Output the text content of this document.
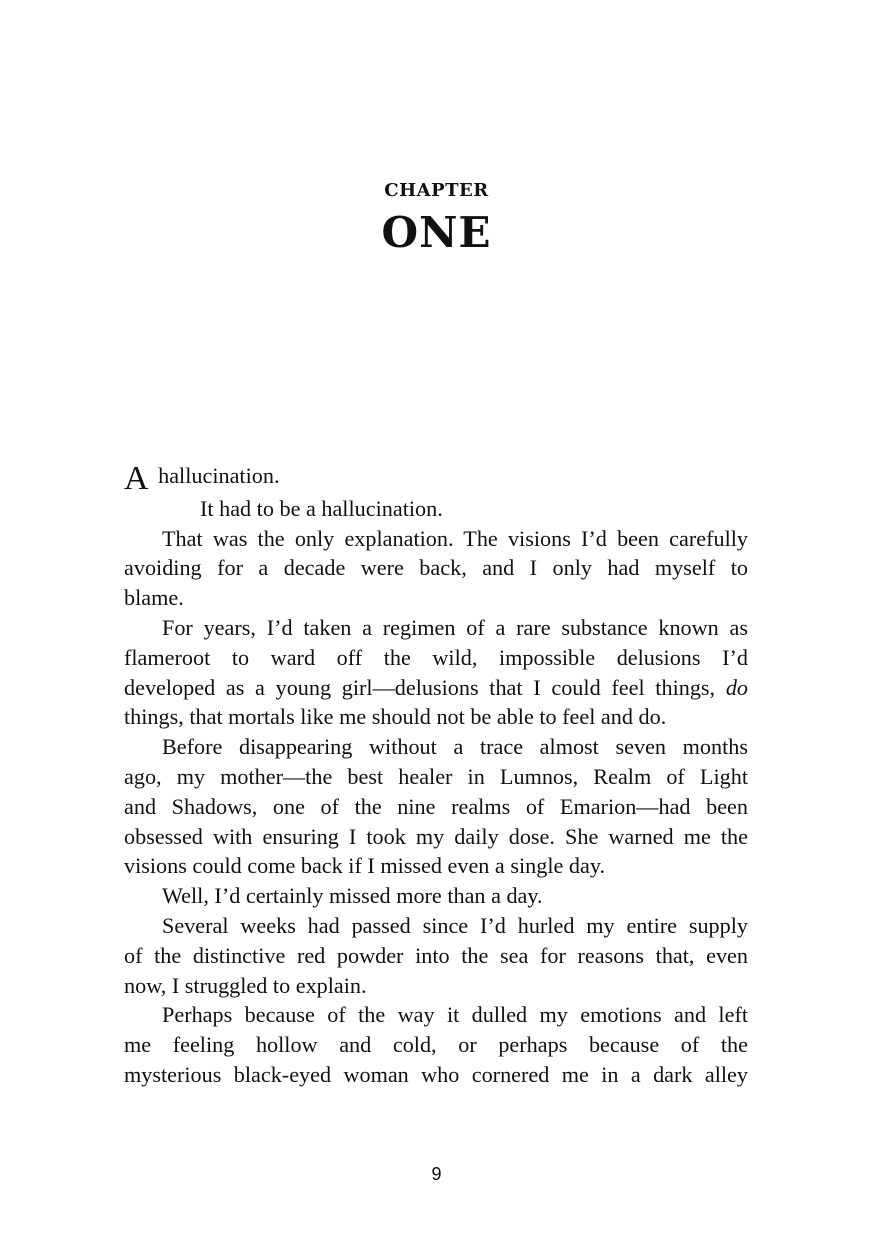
CHAPTER
ONE
A hallucination.
It had to be a hallucination.
That was the only explanation. The visions I’d been carefully
avoiding for a decade were back, and I only had myself to
blame.
For years, I’d taken a regimen of a rare substance known as
flameroot to ward off the wild, impossible delusions I’d
developed as a young girl—delusions that I could feel things, do
things, that mortals like me should not be able to feel and do.
Before disappearing without a trace almost seven months
ago, my mother—the best healer in Lumnos, Realm of Light
and Shadows, one of the nine realms of Emarion—had been
obsessed with ensuring I took my daily dose. She warned me the
visions could come back if I missed even a single day.
Well, I’d certainly missed more than a day.
Several weeks had passed since I’d hurled my entire supply
of the distinctive red powder into the sea for reasons that, even
now, I struggled to explain.
Perhaps because of the way it dulled my emotions and left
me feeling hollow and cold, or perhaps because of the
mysterious black-eyed woman who cornered me in a dark alley
9
